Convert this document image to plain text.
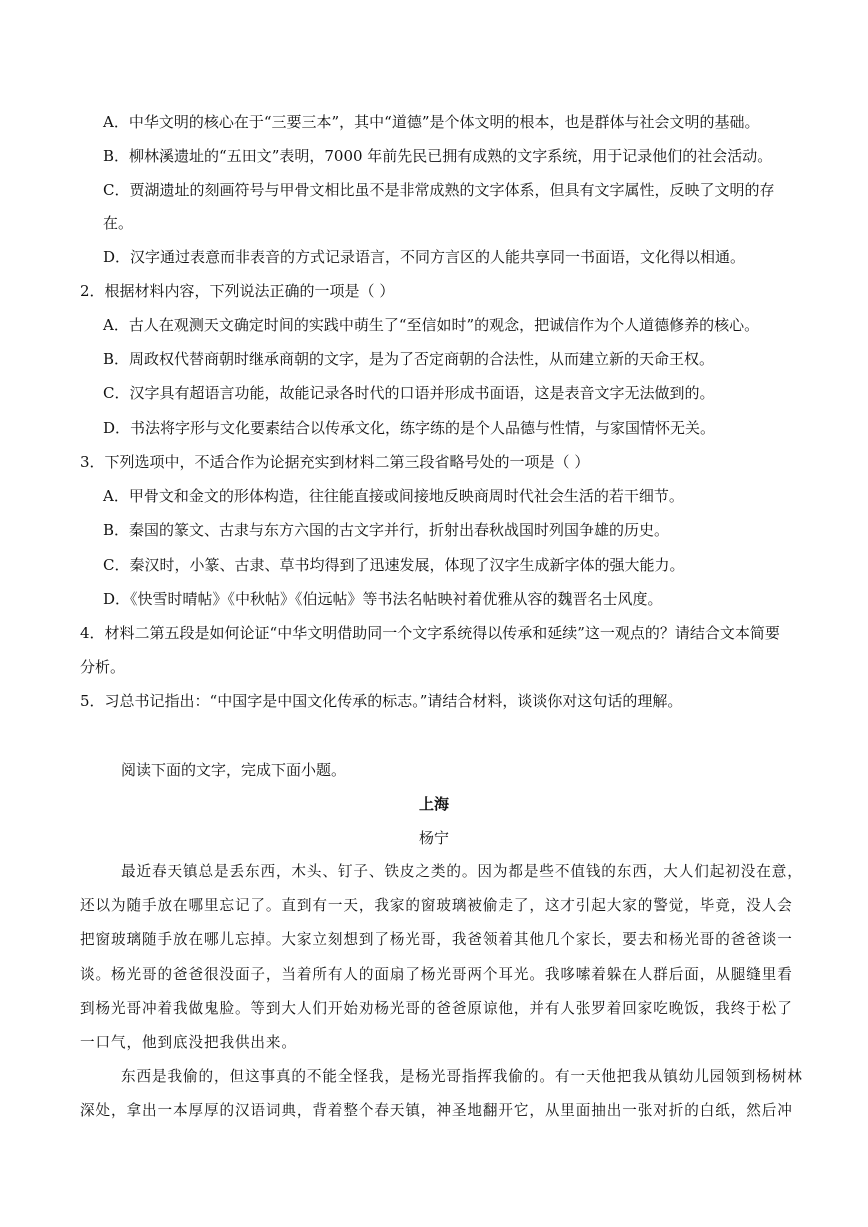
A．中华文明的核心在于“三要三本”，其中“道德”是个体文明的根本，也是群体与社会文明的基础。
B．柳林溪遗址的“五田文”表明，7000 年前先民已拥有成熟的文字系统，用于记录他们的社会活动。
C．贾湖遗址的刻画符号与甲骨文相比虽不是非常成熟的文字体系，但具有文字属性，反映了文明的存
在。
D．汉字通过表意而非表音的方式记录语言，不同方言区的人能共享同一书面语，文化得以相通。
2．根据材料内容，下列说法正确的一项是（ ）
A．古人在观测天文确定时间的实践中萌生了“至信如时”的观念，把诚信作为个人道德修养的核心。
B．周政权代替商朝时继承商朝的文字，是为了否定商朝的合法性，从而建立新的天命王权。
C．汉字具有超语言功能，故能记录各时代的口语并形成书面语，这是表音文字无法做到的。
D．书法将字形与文化要素结合以传承文化，练字练的是个人品德与性情，与家国情怀无关。
3．下列选项中，不适合作为论据充实到材料二第三段省略号处的一项是（ ）
A．甲骨文和金文的形体构造，往往能直接或间接地反映商周时代社会生活的若干细节。
B．秦国的篆文、古隶与东方六国的古文字并行，折射出春秋战国时列国争雄的历史。
C．秦汉时，小篆、古隶、草书均得到了迅速发展，体现了汉字生成新字体的强大能力。
D．《快雪时晴帖》《中秋帖》《伯远帖》等书法名帖映衬着优雅从容的魏晋名士风度。
4．材料二第五段是如何论证“中华文明借助同一个文字系统得以传承和延续”这一观点的？请结合文本简要
分析。
5．习总书记指出：“中国字是中国文化传承的标志。”请结合材料，谈谈你对这句话的理解。
阅读下面的文字，完成下面小题。
上海
杨宁
最近春天镇总是丢东西，木头、钉子、铁皮之类的。因为都是些不值钱的东西，大人们起初没在意，
还以为随手放在哪里忘记了。直到有一天，我家的窗玻璃被偷走了，这才引起大家的警觉，毕竟，没人会
把窗玻璃随手放在哪儿忘掉。大家立刻想到了杨光哥，我爸领着其他几个家长，要去和杨光哥的爸爸谈一
谈。杨光哥的爸爸很没面子，当着所有人的面扇了杨光哥两个耳光。我哆嗦着躲在人群后面，从腿缝里看
到杨光哥冲着我做鬼脸。等到大人们开始劝杨光哥的爸爸原谅他，并有人张罗着回家吃晚饭，我终于松了
一口气，他到底没把我供出来。
东西是我偷的，但这事真的不能全怪我，是杨光哥指挥我偷的。有一天他把我从镇幼儿园领到杨树林
深处，拿出一本厚厚的汉语词典，背着整个春天镇，神圣地翻开它，从里面抽出一张对折的白纸，然后冲
